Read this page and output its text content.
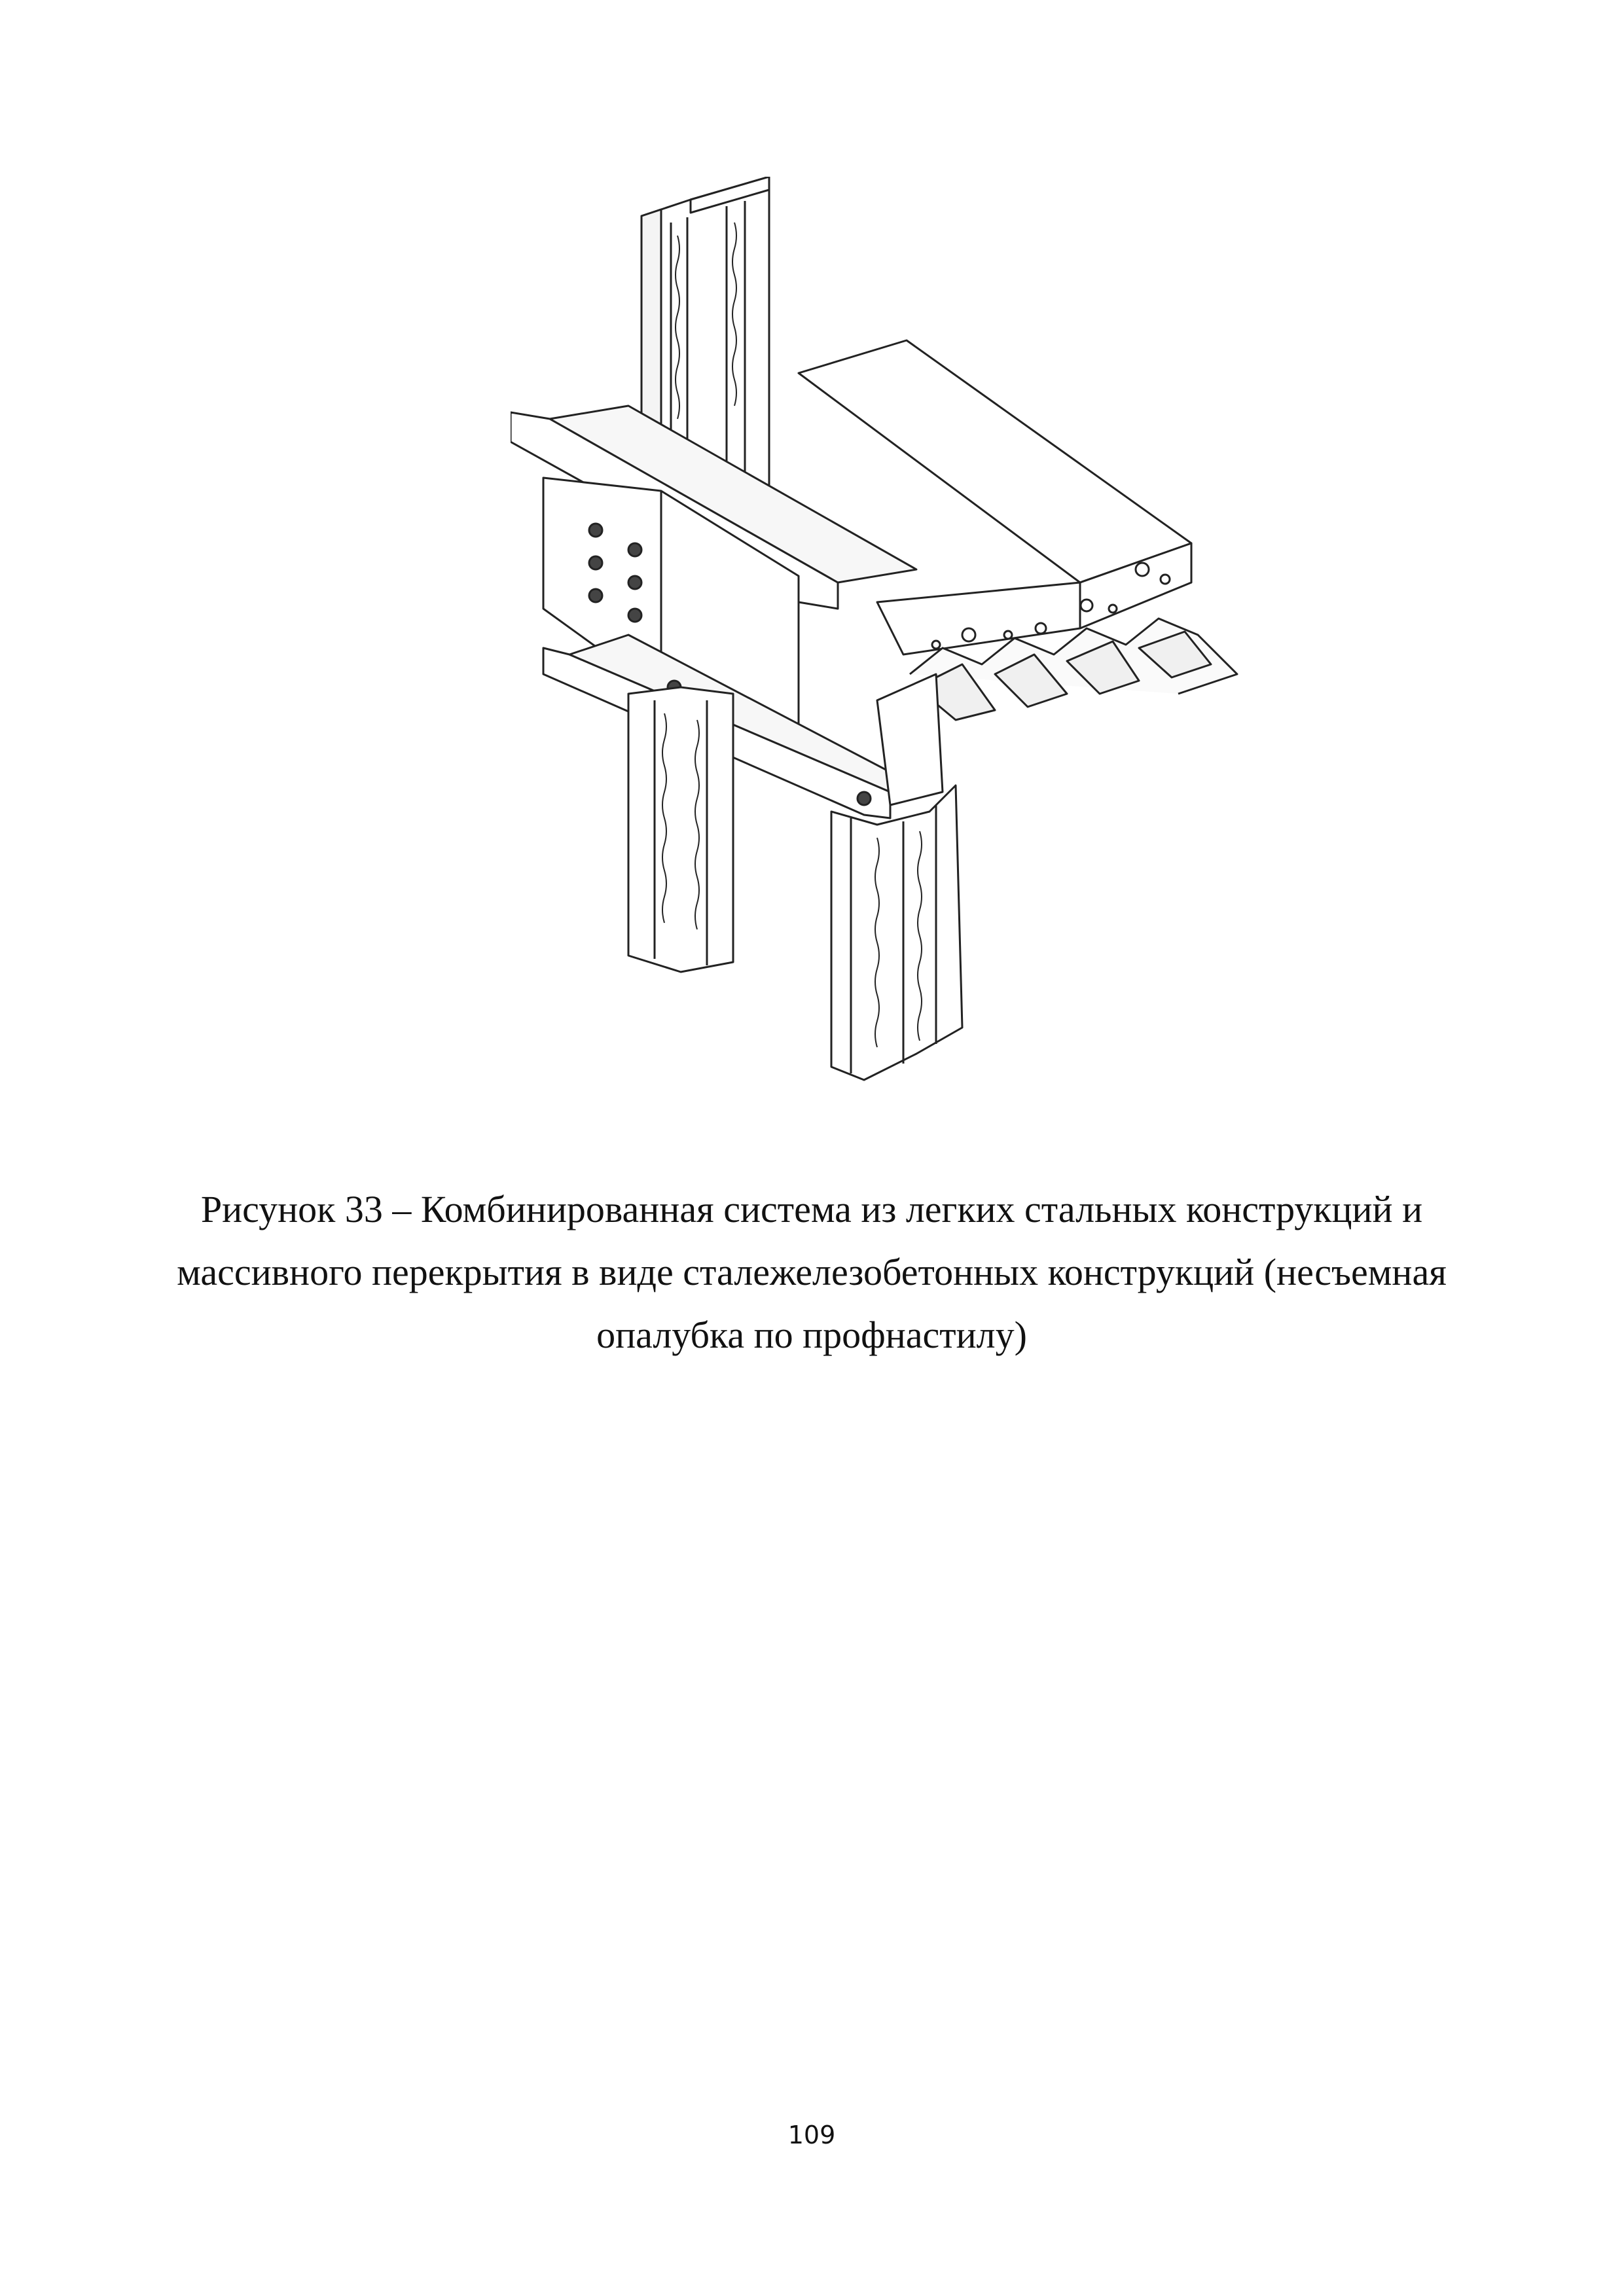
Рисунок 33 – Комбинированная система из легких стальных конструкций и
массивного перекрытия в виде сталежелезобетонных конструкций (несъемная
опалубка по профнастилу)
109
